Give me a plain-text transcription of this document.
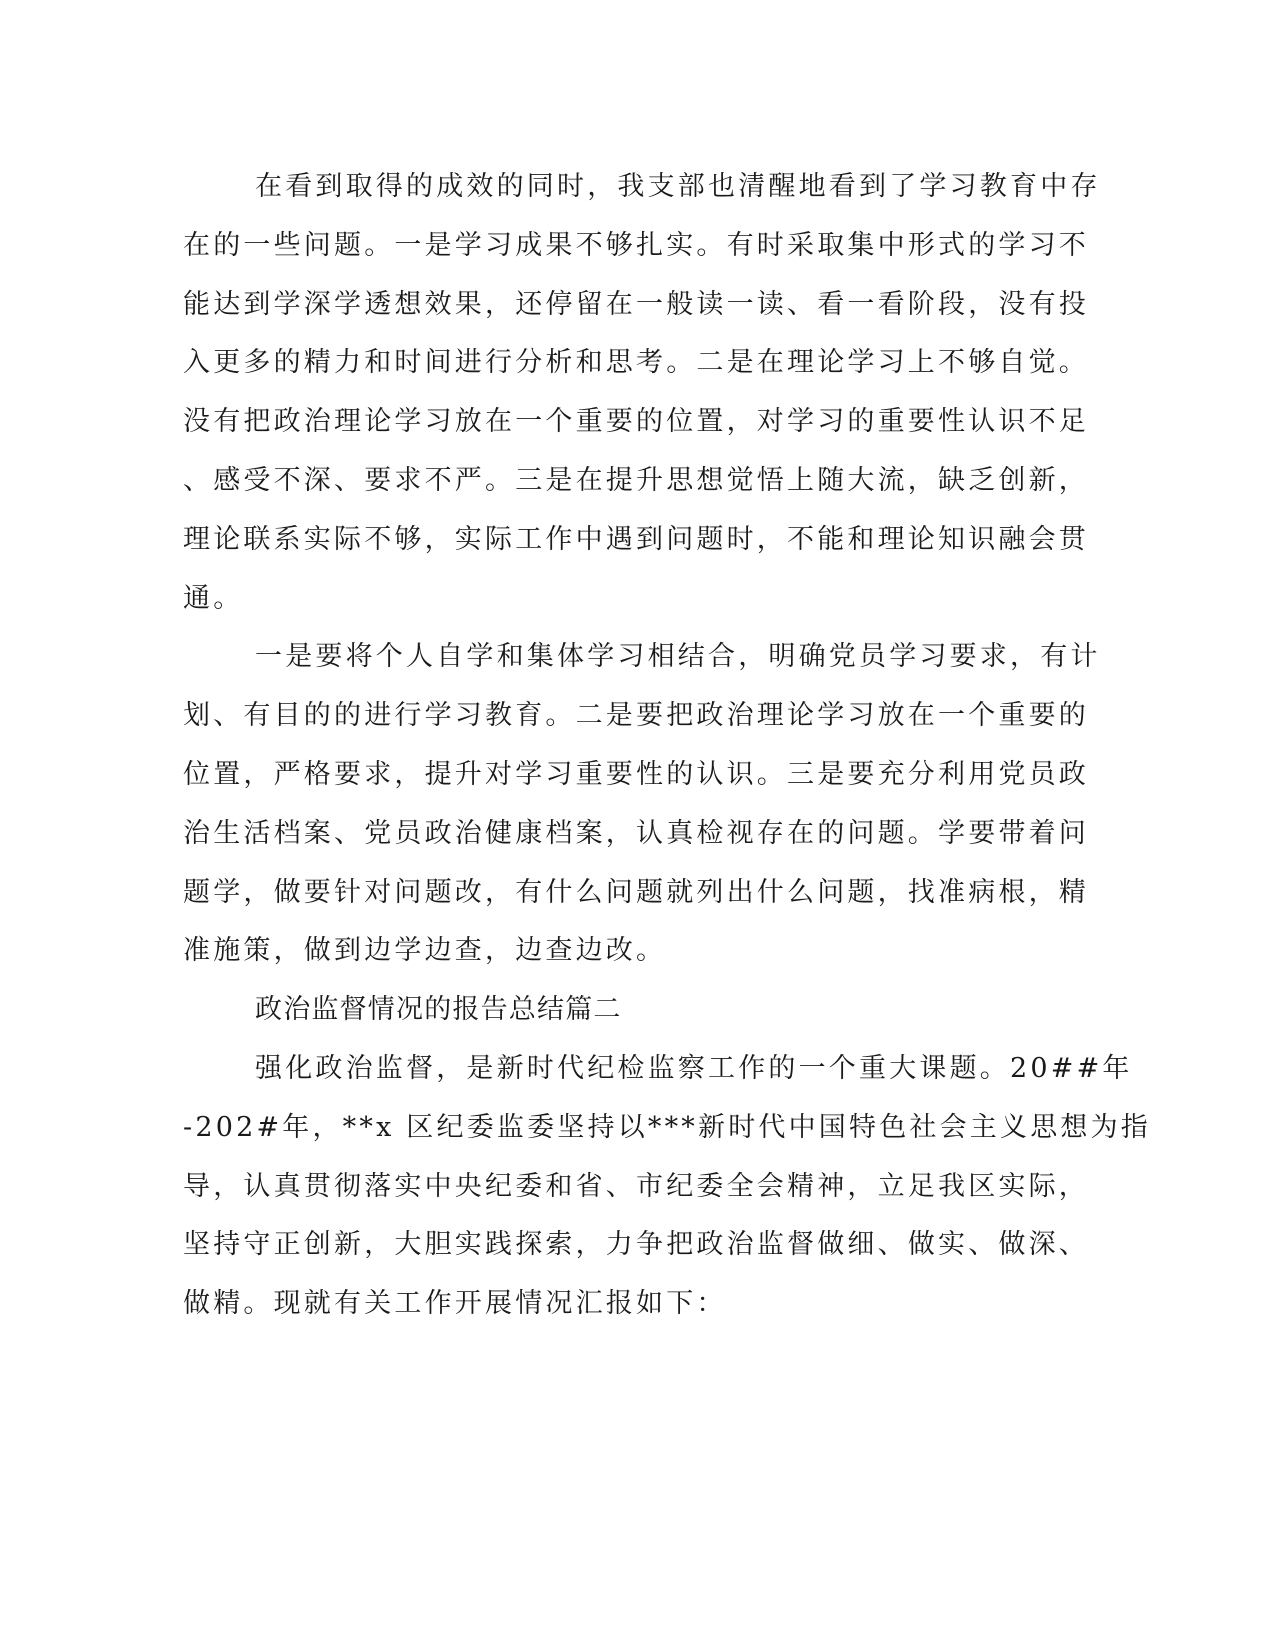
在看到取得的成效的同时，我支部也清醒地看到了学习教育中存
在的一些问题。一是学习成果不够扎实。有时采取集中形式的学习不
能达到学深学透想效果，还停留在一般读一读、看一看阶段，没有投
入更多的精力和时间进行分析和思考。二是在理论学习上不够自觉。
没有把政治理论学习放在一个重要的位置，对学习的重要性认识不足
、感受不深、要求不严。三是在提升思想觉悟上随大流，缺乏创新，
理论联系实际不够，实际工作中遇到问题时，不能和理论知识融会贯
通。
一是要将个人自学和集体学习相结合，明确党员学习要求，有计
划、有目的的进行学习教育。二是要把政治理论学习放在一个重要的
位置，严格要求，提升对学习重要性的认识。三是要充分利用党员政
治生活档案、党员政治健康档案，认真检视存在的问题。学要带着问
题学，做要针对问题改，有什么问题就列出什么问题，找准病根，精
准施策，做到边学边查，边查边改。
政治监督情况的报告总结篇二
强化政治监督，是新时代纪检监察工作的一个重大课题。20##年
-202#年，**x 区纪委监委坚持以***新时代中国特色社会主义思想为指
导，认真贯彻落实中央纪委和省、市纪委全会精神，立足我区实际，
坚持守正创新，大胆实践探索，力争把政治监督做细、做实、做深、
做精。现就有关工作开展情况汇报如下：
